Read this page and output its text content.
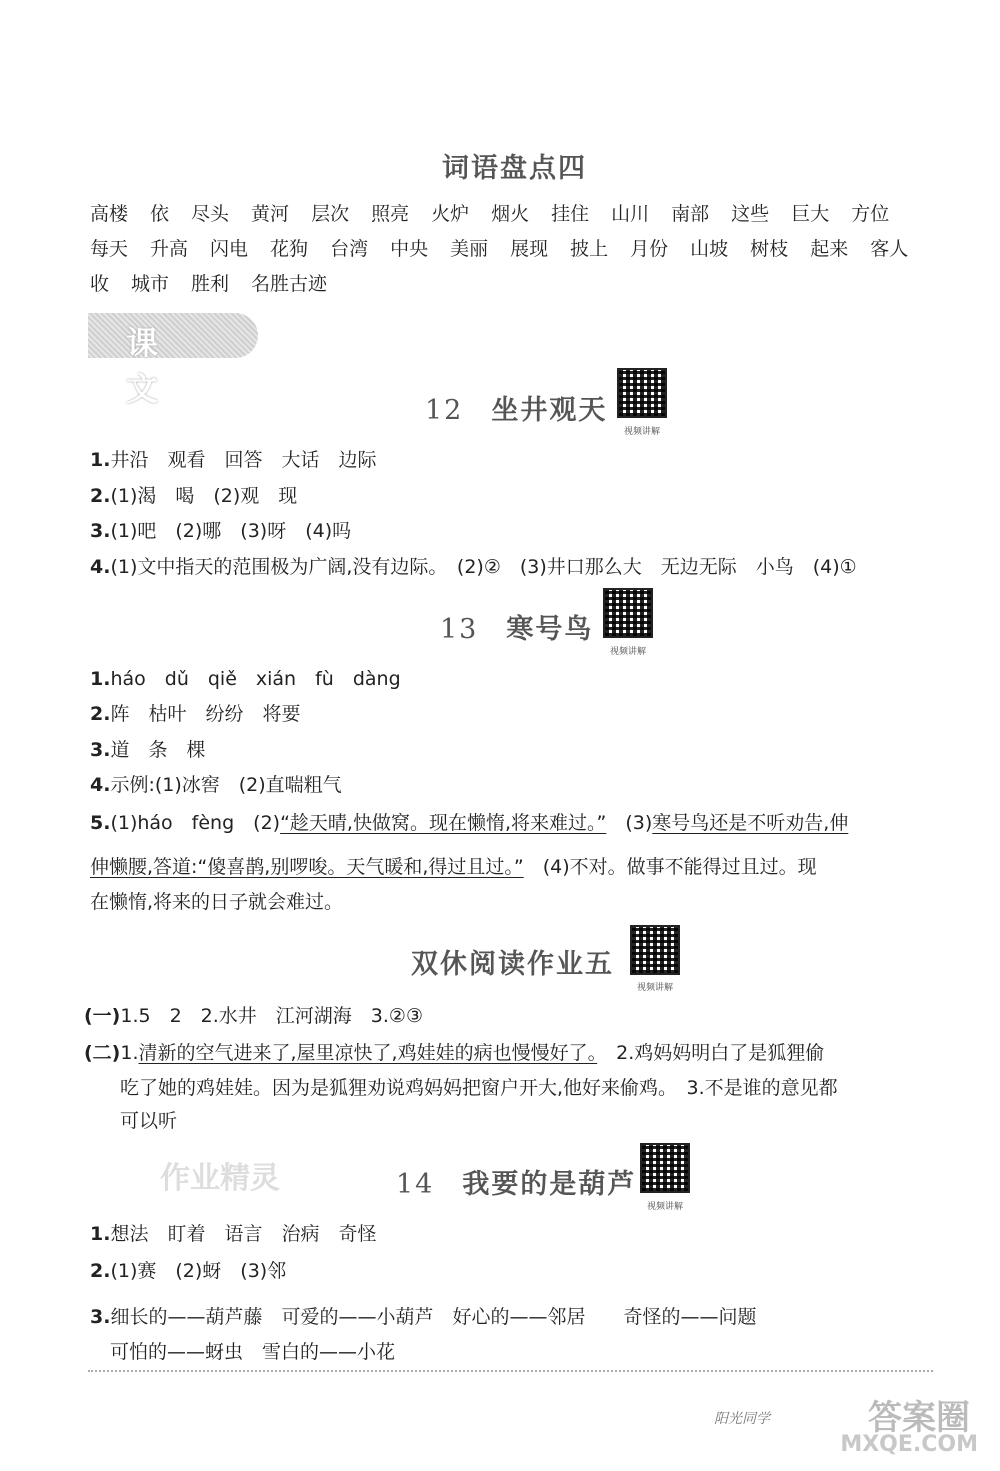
词语盘点四
高楼 依 尽头 黄河 层次 照亮 火炉 烟火 挂住 山川 南部 这些 巨大 方位每天 升高 闪电 花狗 台湾 中央 美丽 展现 披上 月份 山坡 树枝 起来 客人收 城市 胜利 名胜古迹
课 文
12 坐井观天
视频讲解
1.井沿　观看　回答　大话　边际
2.(1)渴　喝　(2)观　现
3.(1)吧　(2)哪　(3)呀　(4)吗
4.(1)文中指天的范围极为广阔,没有边际。　(2)②　(3)井口那么大　无边无际　小鸟　(4)①
13 寒号鸟
视频讲解
1.háo　dǔ　qiě　xián　fù　dàng
2.阵　枯叶　纷纷　将要
3.道　条　棵
4.示例:(1)冰窖　(2)直喘粗气
5.(1)háo　fèng　(2)“趁天晴,快做窝。现在懒惰,将来难过。”　(3)寒号鸟还是不听劝告,伸
伸懒腰,答道:“傻喜鹊,别啰唆。天气暖和,得过且过。”　(4)不对。做事不能得过且过。现
在懒惰,将来的日子就会难过。
双休阅读作业五
视频讲解
(一)1.5　2　2.水井　江河湖海　3.②③
(二)1.清新的空气进来了,屋里凉快了,鸡娃娃的病也慢慢好了。　2.鸡妈妈明白了是狐狸偷
吃了她的鸡娃娃。因为是狐狸劝说鸡妈妈把窗户开大,他好来偷鸡。　3.不是谁的意见都
可以听
作业精灵	14 我要的是葫芦
视频讲解
1.想法　盯着　语言　治病　奇怪
2.(1)赛　(2)蚜　(3)邻
3.细长的——葫芦藤　可爱的——小葫芦　好心的——邻居　　奇怪的——问题
可怕的——蚜虫　雪白的——小花
阳光同学	答案圈
MXQE.COM
